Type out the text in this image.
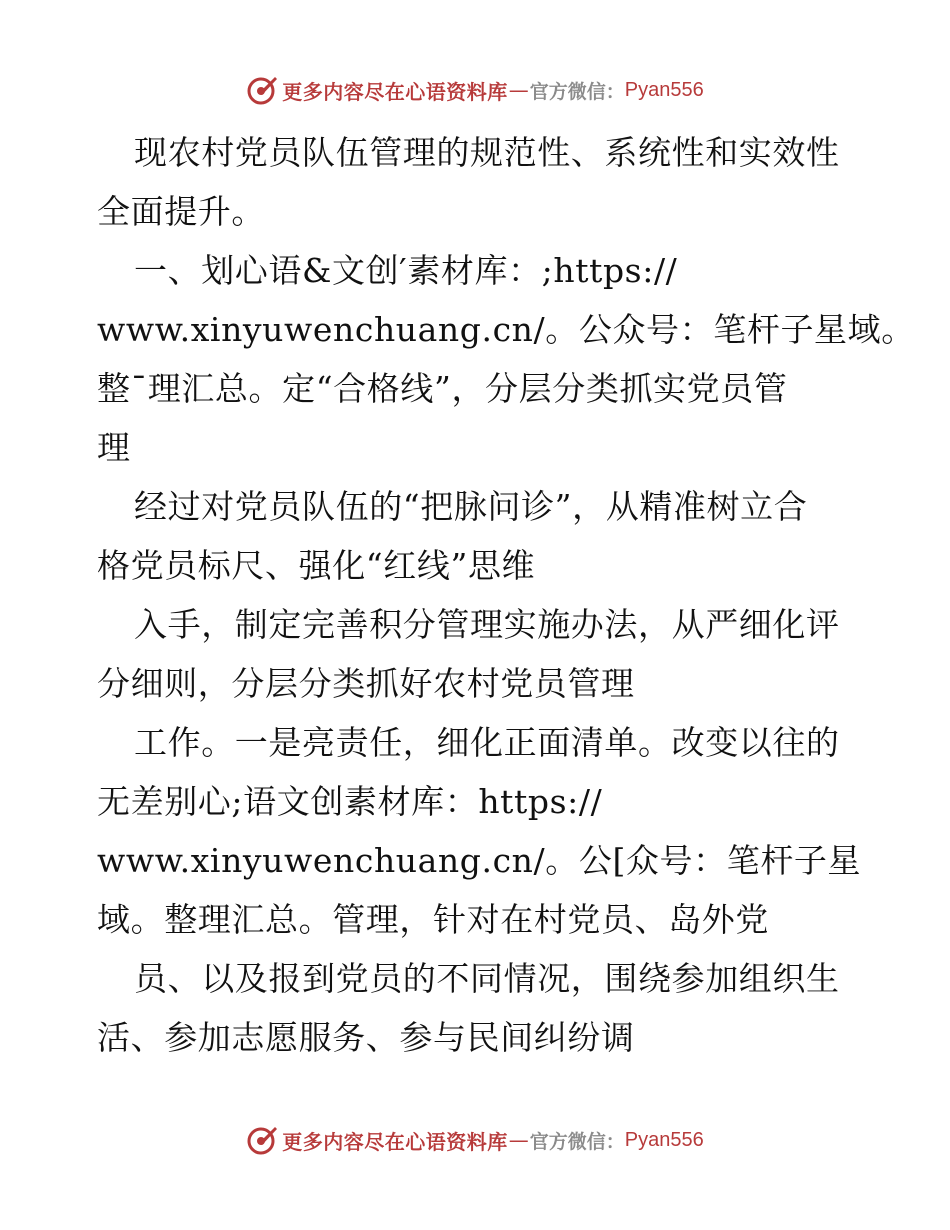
更多内容尽在心语资料库 — 官方微信： Pyan556
现农村党员队伍管理的规范性、系统性和实效性
全面提升。
一、划心语&文创′素材库：;https://
www.xinyuwenchuang.cn/。公众号：笔杆子星域。
整¯理汇总。定“合格线”，分层分类抓实党员管
理
经过对党员队伍的“把脉问诊”，从精准树立合
格党员标尺、强化“红线”思维
入手，制定完善积分管理实施办法，从严细化评
分细则，分层分类抓好农村党员管理
工作。一是亮责任，细化正面清单。改变以往的
无差别心;语文创素材库：https://
www.xinyuwenchuang.cn/。公[众号：笔杆子星
域。整理汇总。管理，针对在村党员、岛外党
员、以及报到党员的不同情况，围绕参加组织生
活、参加志愿服务、参与民间纠纷调
更多内容尽在心语资料库 — 官方微信： Pyan556
